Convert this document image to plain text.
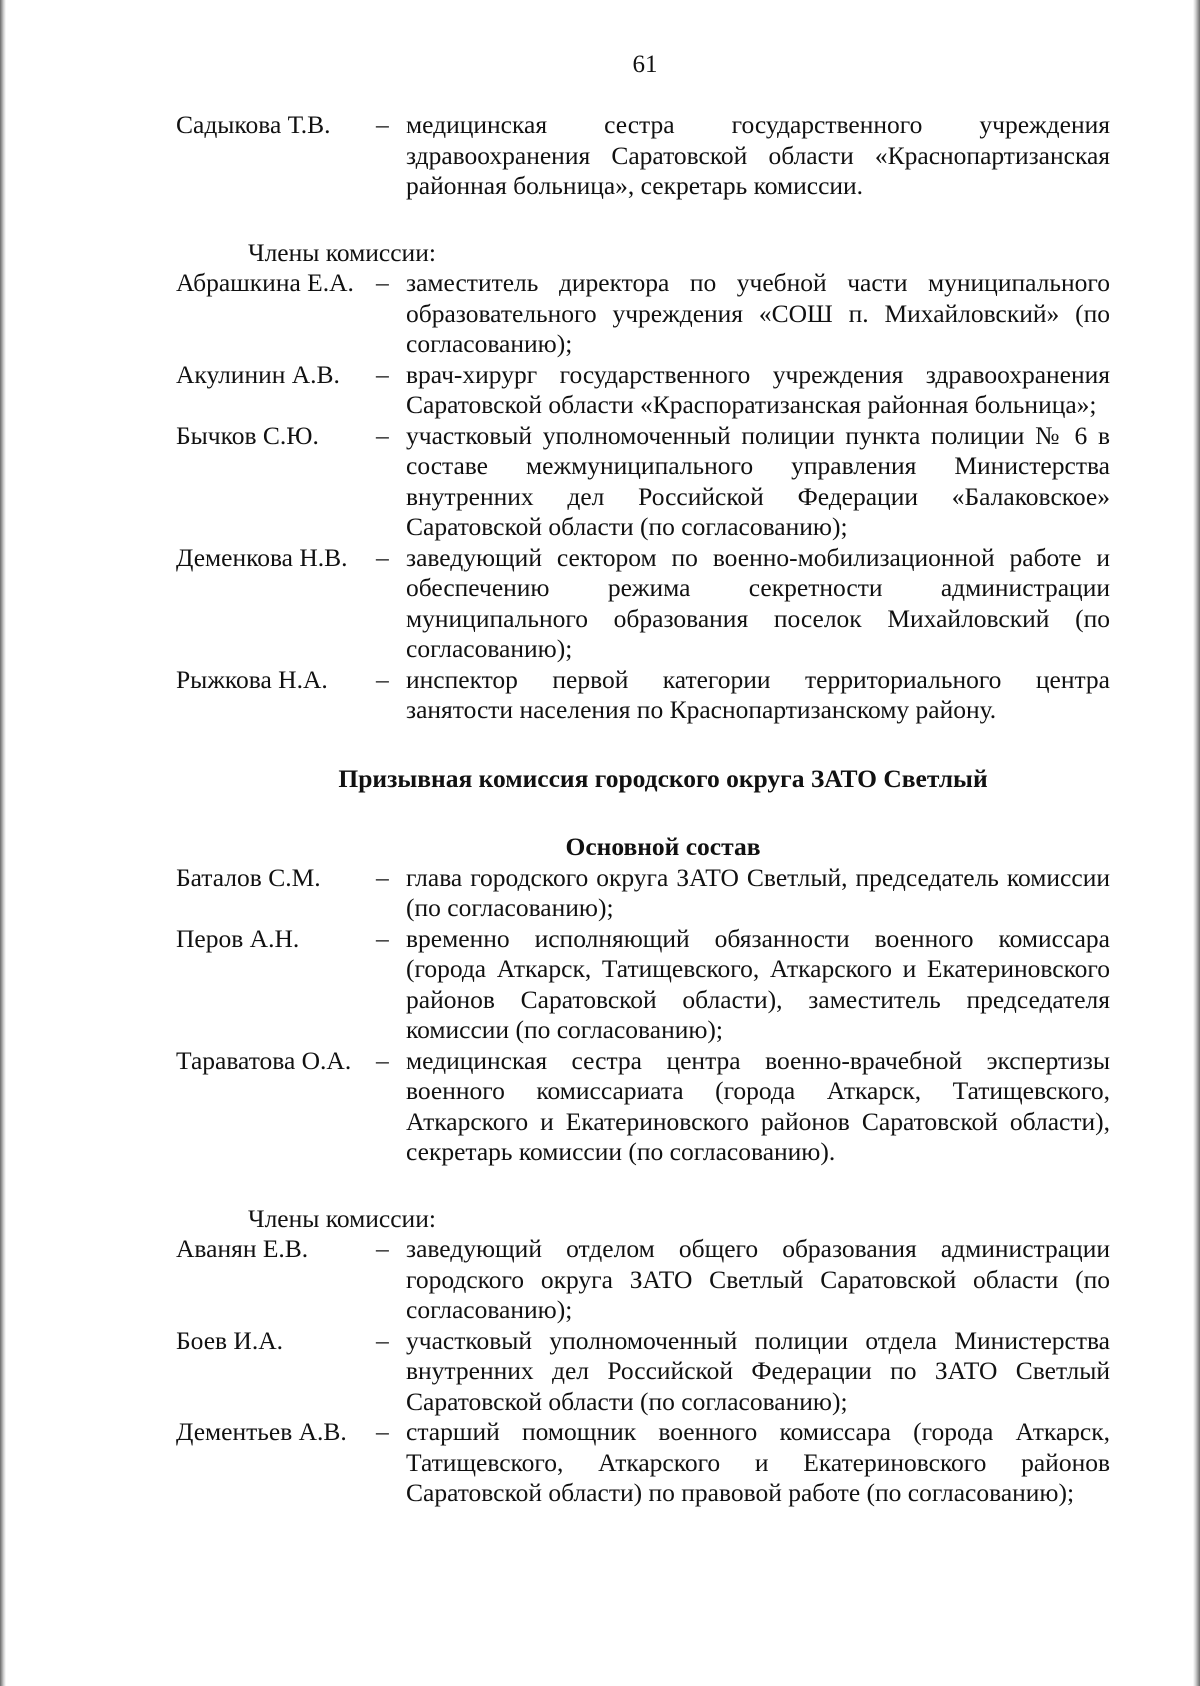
61
Садыкова Т.В.	– медицинская сестра государственного учреждения здравоохранения Саратовской области «Краснопартизанская районная больница», секретарь комиссии.
Члены комиссии:
Абрашкина Е.А. – заместитель директора по учебной части муниципального образовательного учреждения «СОШ п. Михайловский» (по согласованию);
Акулинин А.В.	– врач-хирург государственного учреждения здравоохранения Саратовской области «Краспоратизанская районная больница»;
Бычков С.Ю.	– участковый уполномоченный полиции пункта полиции № 6 в составе межмуниципального управления Министерства внутренних дел Российской Федерации «Балаковское» Саратовской области (по согласованию);
Деменкова Н.В.	– заведующий сектором по военно-мобилизационной работе и обеспечению режима секретности администрации муниципального образования поселок Михайловский (по согласованию);
Рыжкова Н.А.	– инспектор первой категории территориального центра занятости населения по Краснопартизанскому району.
Призывная комиссия городского округа ЗАТО Светлый
Основной состав
Баталов С.М.	– глава городского округа ЗАТО Светлый, председатель комиссии (по согласованию);
Перов А.Н.	– временно исполняющий обязанности военного комиссара (города Аткарск, Татищевского, Аткарского и Екатериновского районов Саратовской области), заместитель председателя комиссии (по согласованию);
Тараватова О.А. – медицинская сестра центра военно-врачебной экспертизы военного комиссариата (города Аткарск, Татищевского, Аткарского и Екатериновского районов Саратовской области), секретарь комиссии (по согласованию).
Члены комиссии:
Аванян Е.В.	– заведующий отделом общего образования администрации городского округа ЗАТО Светлый Саратовской области (по согласованию);
Боев И.А.	– участковый уполномоченный полиции отдела Министерства внутренних дел Российской Федерации по ЗАТО Светлый Саратовской области (по согласованию);
Дементьев А.В.	– старший помощник военного комиссара (города Аткарск, Татищевского, Аткарского и Екатериновского районов Саратовской области) по правовой работе (по согласованию);
